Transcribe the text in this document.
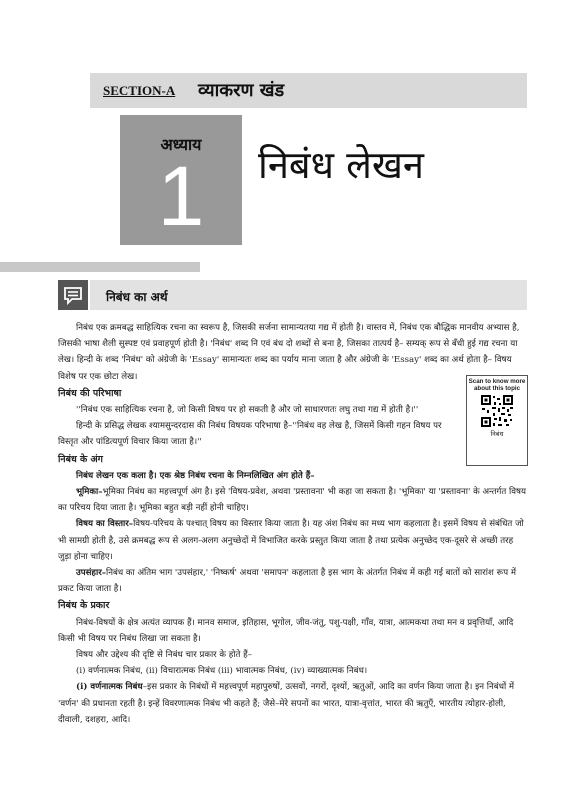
SECTION-A व्याकरण खंड
अध्याय
1	निबंध लेखन
निबंध का अर्थ
Scan to know more about this topic
निबंध

निबंध एक क्रमबद्ध साहित्यिक रचना का स्वरूप है, जिसकी सर्जना सामान्यतया गद्य में होती है। वास्तव में, निबंध एक बौद्धिक मानवीय अभ्यास है, जिसकी भाषा शैली सुस्पष्ट एवं प्रवाहपूर्ण होती है। 'निबंध' शब्द नि एवं बंध दो शब्दों से बना है, जिसका तात्पर्य है– सम्यक् रूप से बँधी हुई गद्य रचना या लेख। हिन्दी के शब्द 'निबंध' को अंग्रेजी के 'Essay' सामान्यतः शब्द का पर्याय माना जाता है और अंग्रेजी के 'Essay' शब्द का अर्थ होता है– विषय विशेष पर एक छोटा लेख।

निबंध की परिभाषा

''निबंध एक साहित्यिक रचना है, जो किसी विषय पर हो सकती है और जो साधारणतः लघु तथा गद्य में होती है।''

हिन्दी के प्रसिद्ध लेखक श्यामसुन्दरदास की निबंध विषयक परिभाषा है–''निबंध वह लेख है, जिसमें किसी गहन विषय पर विस्तृत और पांडित्यपूर्ण विचार किया जाता है।''

निबंध के अंग

निबंध लेखन एक कला है। एक श्रेष्ठ निबंध रचना के निम्नलिखित अंग होते हैं–

भूमिका–भूमिका निबंध का महत्त्वपूर्ण अंग है। इसे 'विषय-प्रवेश, अथवा 'प्रस्तावना' भी कहा जा सकता है। 'भूमिका' या 'प्रस्तावना' के अन्तर्गत विषय का परिचय दिया जाता है। भूमिका बहुत बड़ी नहीं होनी चाहिए।

विषय का विस्तार–विषय-परिचय के पश्चात् विषय का विस्तार किया जाता है। यह अंश निबंध का मध्य भाग कहलाता है। इसमें विषय से संबंधित जो भी सामग्री होती है, उसे क्रमबद्ध रूप से अलग-अलग अनुच्छेदों में विभाजित करके प्रस्तुत किया जाता है तथा प्रत्येक अनुच्छेद एक-दूसरे से अच्छी तरह जुड़ा होना चाहिए।

उपसंहार–निबंध का अंतिम भाग 'उपसंहार,' 'निष्कर्ष' अथवा 'समापन' कहलाता है इस भाग के अंतर्गत निबंध में कही गई बातों को सारांश रूप में प्रकट किया जाता है।

निबंध के प्रकार

निबंध-विषयों के क्षेत्र अत्यंत व्यापक हैं। मानव समाज, इतिहास, भूगोल, जीव-जंतु, पशु-पक्षी, गाँव, यात्रा, आत्मकथा तथा मन व प्रवृत्तियाँ, आदि किसी भी विषय पर निबंध लिखा जा सकता है।

विषय और उद्देश्य की दृष्टि से निबंध चार प्रकार के होते हैं–

(i) वर्णनात्मक निबंध, (ii) विचारात्मक निबंध (iii) भावात्मक निबंध, (iv) व्याख्यात्मक निबंध।

(i) वर्णनात्मक निबंध–इस प्रकार के निबंधों में महत्त्वपूर्ण महापुरुषों, उत्सवों, नगरों, दृश्यों, ऋतुओं, आदि का वर्णन किया जाता है। इन निबंधों में 'वर्णन' की प्रधानता रहती है। इन्हें विवरणात्मक निबंध भी कहते हैं; जैसे–मेरे सपनों का भारत, यात्रा-वृत्तांत, भारत की ऋतुएँ, भारतीय त्योहार-होली, दीवाली, दशहरा, आदि।
